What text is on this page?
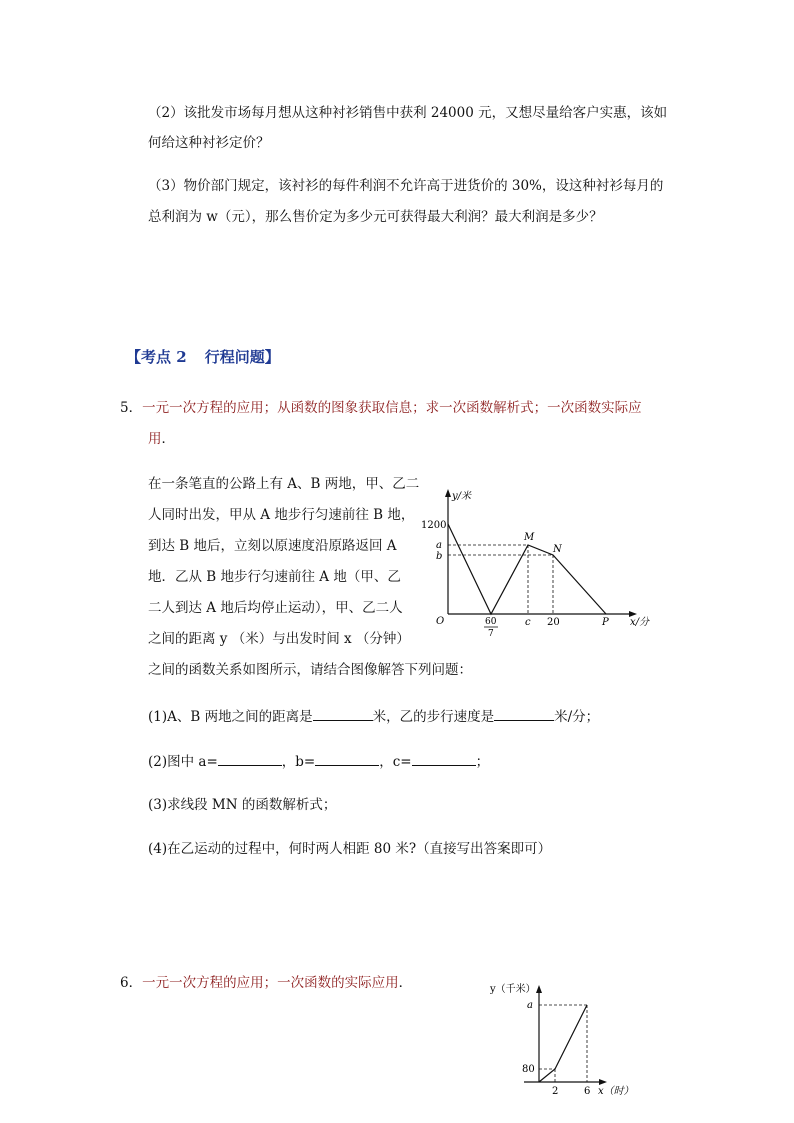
（2）该批发市场每月想从这种衬衫销售中获利 24000 元，又想尽量给客户实惠，该如
何给这种衬衫定价？
（3）物价部门规定，该衬衫的每件利润不允许高于进货价的 30%，设这种衬衫每月的
总利润为 w（元），那么售价定为多少元可获得最大利润？最大利润是多少？
【考点 2 行程问题】
5．一元一次方程的应用；从函数的图象获取信息；求一次函数解析式；一次函数实际应
用．
在一条笔直的公路上有 A、B 两地，甲、乙二
人同时出发，甲从 A 地步行匀速前往 B 地，
到达 B 地后，立刻以原速度沿原路返回 A
地．乙从 B 地步行匀速前往 A 地（甲、乙
二人到达 A 地后均停止运动），甲、乙二人
之间的距离 y （米）与出发时间 x （分钟）
之间的函数关系如图所示，请结合图像解答下列问题：
y/米
1200
a
b
O	60
7
c 20	P x/分
M
N
(1)A、B 两地之间的距离是	米，乙的步行速度是	米/分；
(2)图中 a=	，b=	，c=	；
(3)求线段 MN 的函数解析式；
(4)在乙运动的过程中，何时两人相距 80 米?（直接写出答案即可）
6．一元一次方程的应用；一次函数的实际应用．	y（千米）
a
80
2	6 x（时）
